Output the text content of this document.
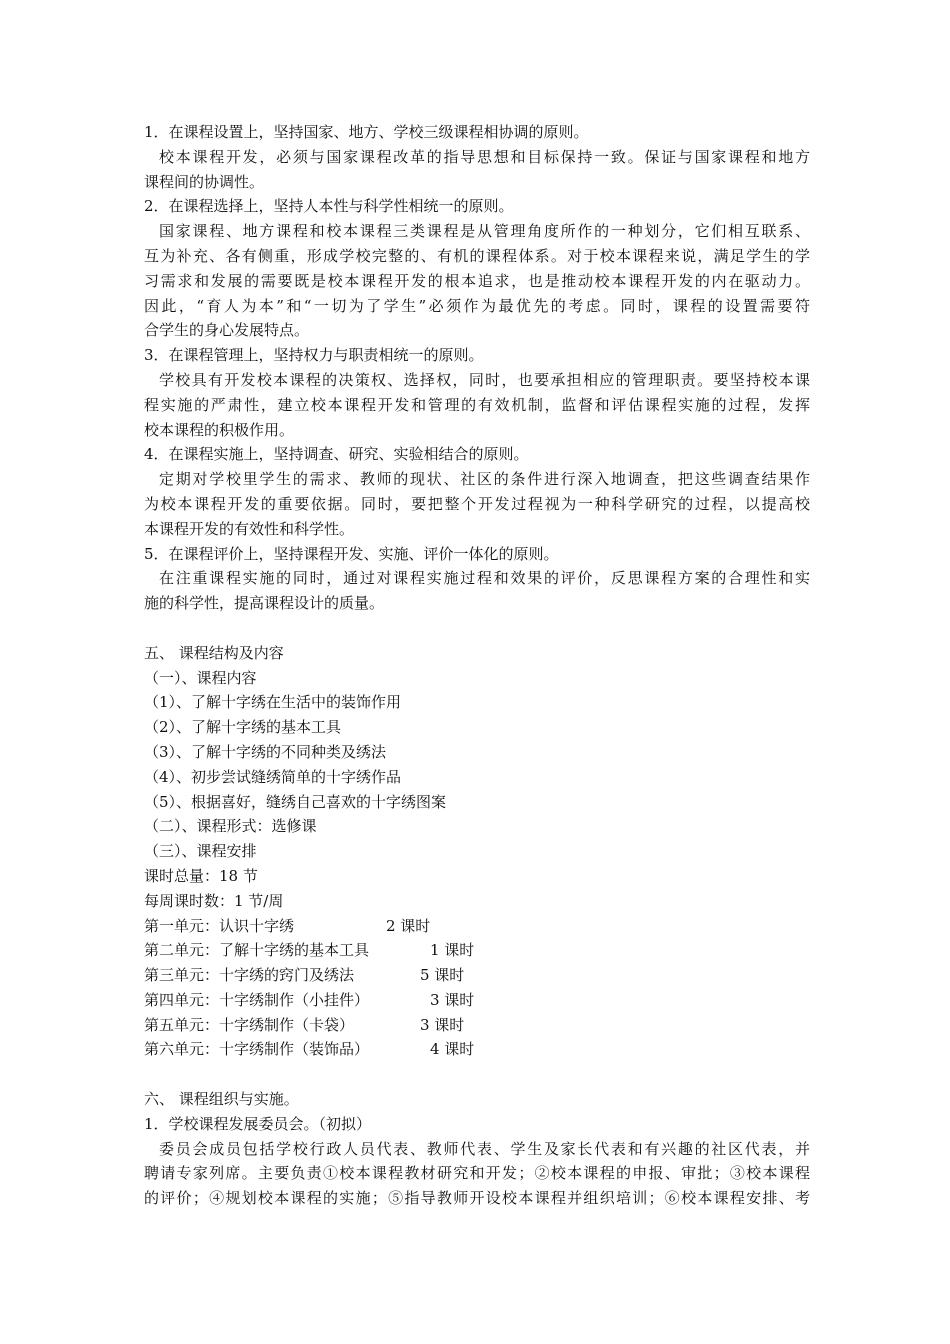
1．在课程设置上，坚持国家、地方、学校三级课程相协调的原则。
校本课程开发，必须与国家课程改革的指导思想和目标保持一致。保证与国家课程和地方
课程间的协调性。
2．在课程选择上，坚持人本性与科学性相统一的原则。
国家课程、地方课程和校本课程三类课程是从管理角度所作的一种划分，它们相互联系、
互为补充、各有侧重，形成学校完整的、有机的课程体系。对于校本课程来说，满足学生的学
习需求和发展的需要既是校本课程开发的根本追求，也是推动校本课程开发的内在驱动力。
因此，“育人为本”和“一切为了学生”必须作为最优先的考虑。同时，课程的设置需要符
合学生的身心发展特点。
3．在课程管理上，坚持权力与职责相统一的原则。
学校具有开发校本课程的决策权、选择权，同时，也要承担相应的管理职责。要坚持校本课
程实施的严肃性，建立校本课程开发和管理的有效机制，监督和评估课程实施的过程，发挥
校本课程的积极作用。
4．在课程实施上，坚持调查、研究、实验相结合的原则。
定期对学校里学生的需求、教师的现状、社区的条件进行深入地调查，把这些调查结果作
为校本课程开发的重要依据。同时，要把整个开发过程视为一种科学研究的过程，以提高校
本课程开发的有效性和科学性。
5．在课程评价上，坚持课程开发、实施、评价一体化的原则。
在注重课程实施的同时，通过对课程实施过程和效果的评价，反思课程方案的合理性和实
施的科学性，提高课程设计的质量。
五、 课程结构及内容
（一）、课程内容
（1）、了解十字绣在生活中的装饰作用
（2）、了解十字绣的基本工具
（3）、了解十字绣的不同种类及绣法
（4）、初步尝试缝绣简单的十字绣作品
（5）、根据喜好，缝绣自己喜欢的十字绣图案
（二）、课程形式：选修课
（三）、课程安排
课时总量：18 节
每周课时数：1 节/周
第一单元：认识十字绣	2 课时
第二单元：了解十字绣的基本工具	1 课时
第三单元：十字绣的窍门及绣法	5 课时
第四单元：十字绣制作（小挂件）	3 课时
第五单元：十字绣制作（卡袋）	3 课时
第六单元：十字绣制作（装饰品）	4 课时
六、 课程组织与实施。
1．学校课程发展委员会。（初拟）
委员会成员包括学校行政人员代表、教师代表、学生及家长代表和有兴趣的社区代表，并
聘请专家列席。主要负责①校本课程教材研究和开发；②校本课程的申报、审批；③校本课程
的评价；④规划校本课程的实施；⑤指导教师开设校本课程并组织培训；⑥校本课程安排、考
